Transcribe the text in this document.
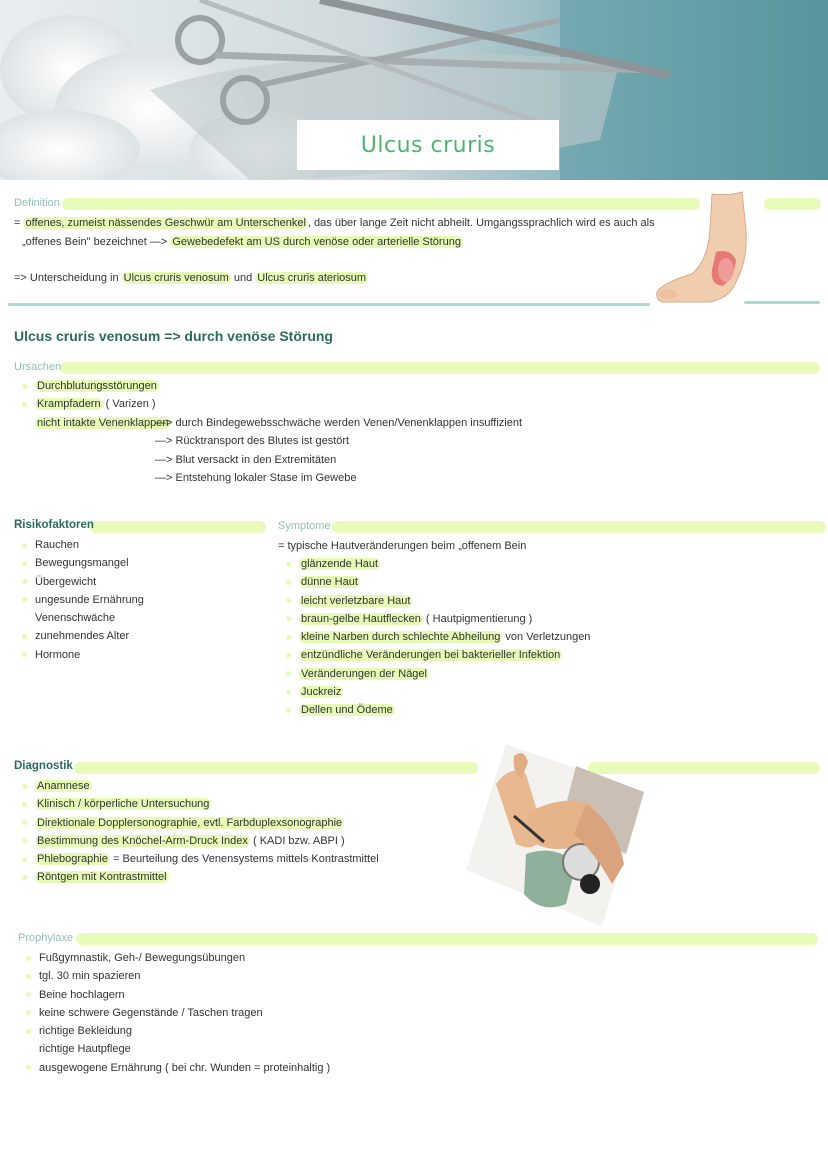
Ulcus cruris
Definition
= offenes, zumeist nässendes Geschwür am Unterschenkel , das über lange Zeit nicht abheilt. Umgangssprachlich wird es auch als
„offenes Bein" bezeichnet —> Gewebedefekt am US durch venöse oder arterielle Störung
=> Unterscheidung in Ulcus cruris venosum und Ulcus cruris ateriosum
Ulcus cruris venosum => durch venöse Störung
Ursachen
Durchblutungsstörungen
Krampfadern ( Varizen )
nicht intakte Venenklappen
—> durch Bindegewebsschwäche werden Venen/Venenklappen insuffizient
—> Rücktransport des Blutes ist gestört
—> Blut versackt in den Extremitäten
—> Entstehung lokaler Stase im Gewebe
Risikofaktoren
Rauchen
Bewegungsmangel
Übergewicht
ungesunde Ernährung
Venenschwäche
zunehmendes Alter
Hormone
Symptome
= typische Hautveränderungen beim „offenem Bein
glänzende Haut
dünne Haut
leicht verletzbare Haut
braun-gelbe Hautflecken ( Hautpigmentierung )
kleine Narben durch schlechte Abheilung von Verletzungen
entzündliche Veränderungen bei bakterieller Infektion
Veränderungen der Nägel
Juckreiz
Dellen und Ödeme
Diagnostik
Anamnese
Klinisch / körperliche Untersuchung
Direktionale Dopplersonographie, evtl. Farbduplexsonographie
Bestimmung des Knöchel-Arm-Druck Index ( KADI bzw. ABPI )
Phlebographie = Beurteilung des Venensystems mittels Kontrastmittel
Röntgen mit Kontrastmittel
Prophylaxe
Fußgymnastik, Geh-/ Bewegungsübungen
tgl. 30 min spazieren
Beine hochlagern
keine schwere Gegenstände / Taschen tragen
richtige Bekleidung
richtige Hautpflege
ausgewogene Ernährung ( bei chr. Wunden = proteinhaltig )
